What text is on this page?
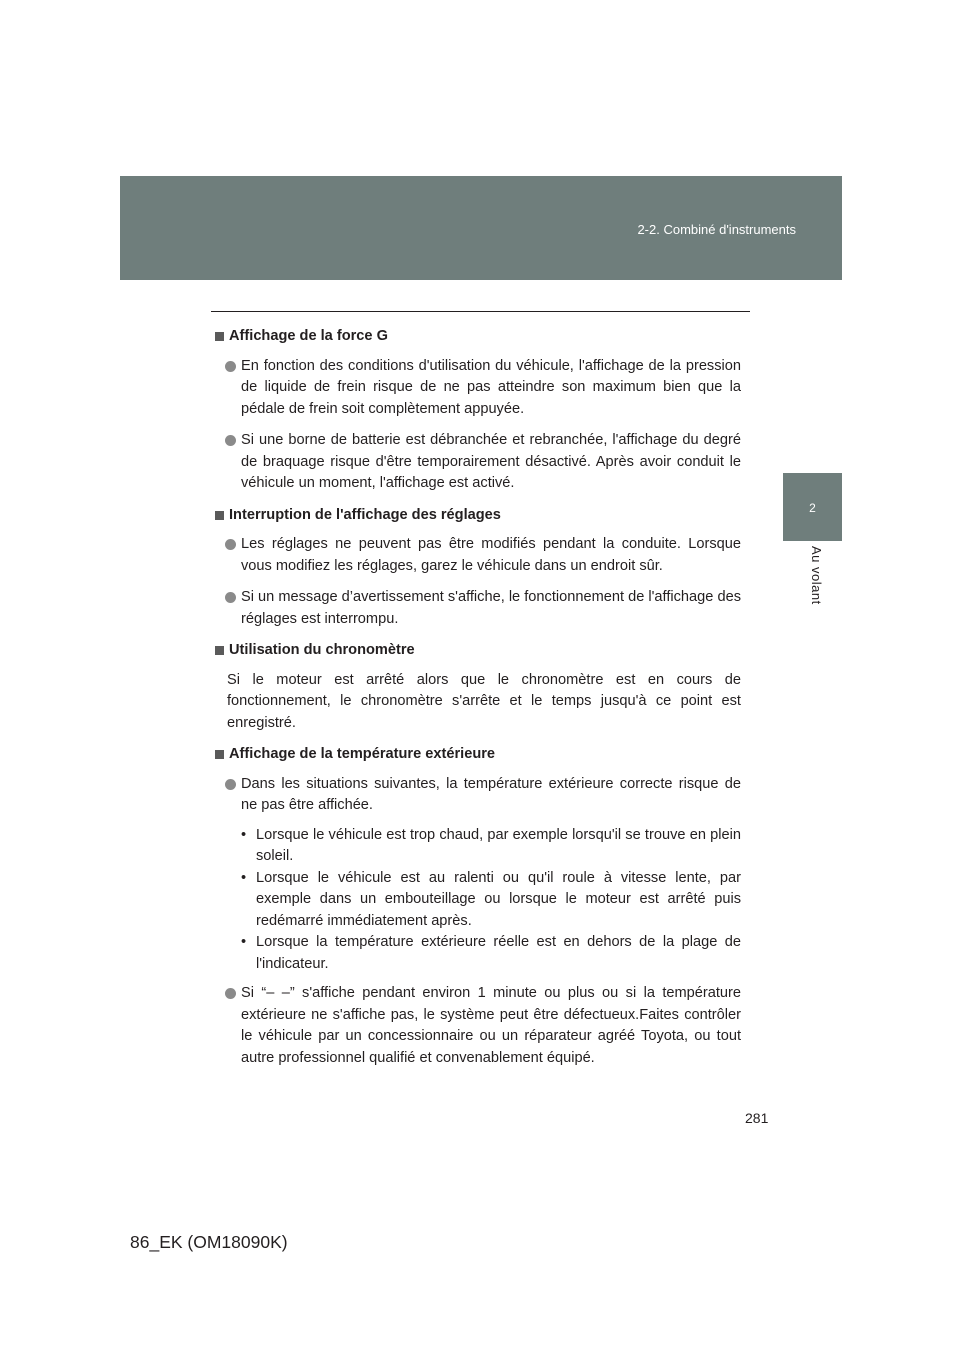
2-2. Combiné d'instruments
2
Au volant
Affichage de la force G
En fonction des conditions d'utilisation du véhicule, l'affichage de la pression de liquide de frein risque de ne pas atteindre son maximum bien que la pédale de frein soit complètement appuyée.
Si une borne de batterie est débranchée et rebranchée, l'affichage du degré de braquage risque d'être temporairement désactivé. Après avoir conduit le véhicule un moment, l'affichage est activé.
Interruption de l'affichage des réglages
Les réglages ne peuvent pas être modifiés pendant la conduite. Lorsque vous modifiez les réglages, garez le véhicule dans un endroit sûr.
Si un message d’avertissement s'affiche, le fonctionnement de l'affichage des réglages est interrompu.
Utilisation du chronomètre
Si le moteur est arrêté alors que le chronomètre est en cours de fonctionnement, le chronomètre s'arrête et le temps jusqu'à ce point est enregistré.
Affichage de la température extérieure
Dans les situations suivantes, la température extérieure correcte risque de ne pas être affichée.
• Lorsque le véhicule est trop chaud, par exemple lorsqu'il se trouve en plein soleil.
• Lorsque le véhicule est au ralenti ou qu'il roule à vitesse lente, par exemple dans un embouteillage ou lorsque le moteur est arrêté puis redémarré immédiatement après.
• Lorsque la température extérieure réelle est en dehors de la plage de l'indicateur.
Si “– –” s'affiche pendant environ 1 minute ou plus ou si la température extérieure ne s'affiche pas, le système peut être défectueux.Faites contrôler le véhicule par un concessionnaire ou un réparateur agréé Toyota, ou tout autre professionnel qualifié et convenablement équipé.
281
86_EK (OM18090K)
